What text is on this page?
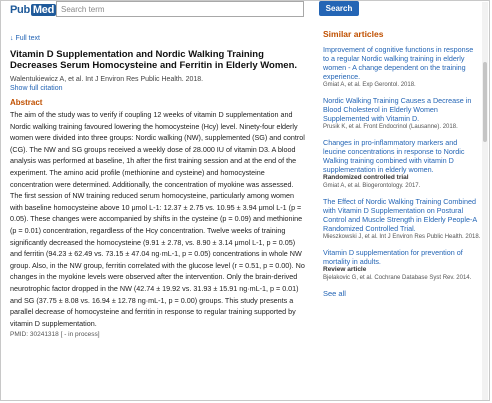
Pub Med
Search term	Search
↓ Full text
Vitamin D Supplementation and Nordic Walking Training Decreases Serum Homocysteine and Ferritin in Elderly Women.
Walentukiewicz A, et al. Int J Environ Res Public Health. 2018.
Show full citation
Abstract

The aim of the study was to verify if coupling 12 weeks of vitamin D supplementation and Nordic walking training favoured lowering the homocysteine (Hcy) level. Ninety-four elderly women were divided into three groups: Nordic walking (NW), supplemented (SG) and control (CG). The NW and SG groups received a weekly dose of 28.000 IU of vitamin D3. A blood analysis was performed at baseline, 1h after the first training session and at the end of the experiment. The amino acid profile (methionine and cysteine) and homocysteine concentration were determined. Additionally, the concentration of myokine was assessed. The first session of NW training reduced serum homocysteine, particularly among women with baseline homocysteine above 10 μmol L-1: 12.37 ± 2.75 vs. 10.95 ± 3.94 μmol L-1 (p = 0.05). These changes were accompanied by shifts in the cysteine (p = 0.09) and methionine (p = 0.01) concentration, regardless of the Hcy concentration. Twelve weeks of training significantly decreased the homocysteine (9.91 ± 2.78, vs. 8.90 ± 3.14 μmol L-1, p = 0.05) and ferritin (94.23 ± 62.49 vs. 73.15 ± 47.04 ng·mL-1, p = 0.05) concentrations in whole NW group. Also, in the NW group, ferritin correlated with the glucose level (r = 0.51, p = 0.00). No changes in the myokine levels were observed after the intervention. Only the brain-derived neurotrophic factor dropped in the NW (42.74 ± 19.92 vs. 31.93 ± 15.91 ng·mL-1, p = 0.01) and SG (37.75 ± 8.08 vs. 16.94 ± 12.78 ng·mL-1, p = 0.00) groups. This study presents a parallel decrease of homocysteine and ferritin in response to regular training supported by vitamin D supplementation.

PMID: 30241318 [ - in process]
Similar articles
Improvement of cognitive functions in response to a regular Nordic walking training in elderly women - A change dependent on the training experience.
Gmiat A, et al. Exp Gerontol. 2018.
Nordic Walking Training Causes a Decrease in Blood Cholesterol in Elderly Women Supplemented with Vitamin D.
Prusik K, et al. Front Endocrinol (Lausanne). 2018.
Changes in pro-inflammatory markers and leucine concentrations in response to Nordic Walking training combined with vitamin D supplementation in elderly women.
Randomized controlled trial
Gmiat A, et al. Biogerontology. 2017.
The Effect of Nordic Walking Training Combined with Vitamin D Supplementation on Postural Control and Muscle Strength in Elderly People-A Randomized Controlled Trial.
Mieszkowski J, et al. Int J Environ Res Public Health. 2018.
Vitamin D supplementation for prevention of mortality in adults.
Review article
Bjelakovic G, et al. Cochrane Database Syst Rev. 2014.
See all
